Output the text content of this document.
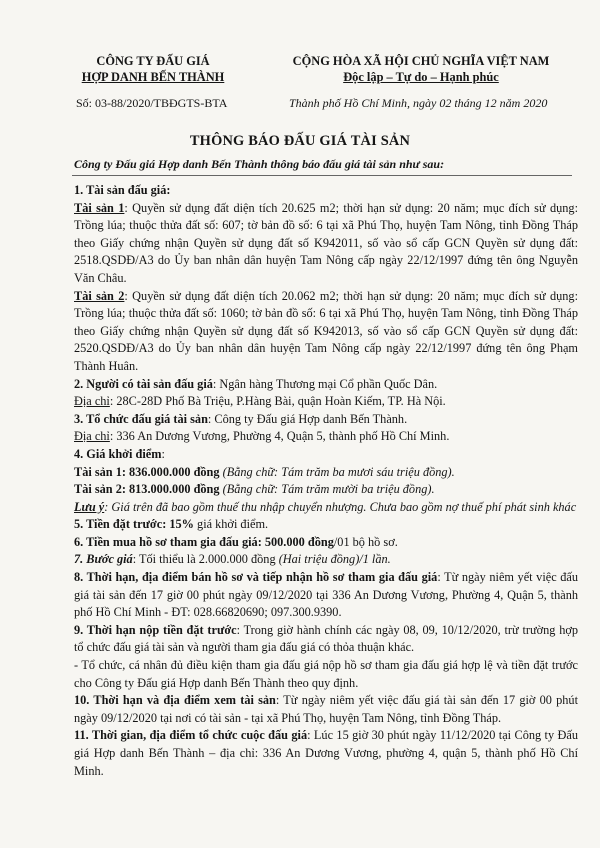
CÔNG TY ĐẤU GIÁ
HỢP DANH BẾN THÀNH
CỘNG HÒA XÃ HỘI CHỦ NGHĨA VIỆT NAM
Độc lập – Tự do – Hạnh phúc
Số: 03-88/2020/TBĐGTS-BTA	Thành phố Hồ Chí Minh, ngày 02 tháng 12 năm 2020
THÔNG BÁO ĐẤU GIÁ TÀI SẢN
Công ty Đấu giá Hợp danh Bến Thành thông báo đấu giá tài sản như sau:

1. Tài sản đấu giá:

Tài sản 1: Quyền sử dụng đất diện tích 20.625 m2; thời hạn sử dụng: 20 năm; mục đích sử dụng: Trồng lúa; thuộc thửa đất số: 607; tờ bản đồ số: 6 tại xã Phú Thọ, huyện Tam Nông, tỉnh Đồng Tháp theo Giấy chứng nhận Quyền sử dụng đất số K942011, số vào sổ cấp GCN Quyền sử dụng đất: 2518.QSDĐ/A3 do Ủy ban nhân dân huyện Tam Nông cấp ngày 22/12/1997 đứng tên ông Nguyễn Văn Châu.

Tài sản 2: Quyền sử dụng đất diện tích 20.062 m2; thời hạn sử dụng: 20 năm; mục đích sử dụng: Trồng lúa; thuộc thửa đất số: 1060; tờ bản đồ số: 6 tại xã Phú Thọ, huyện Tam Nông, tỉnh Đồng Tháp theo Giấy chứng nhận Quyền sử dụng đất số K942013, số vào sổ cấp GCN Quyền sử dụng đất: 2520.QSDĐ/A3 do Ủy ban nhân dân huyện Tam Nông cấp ngày 22/12/1997 đứng tên ông Phạm Thành Huân.

2. Người có tài sản đấu giá: Ngân hàng Thương mại Cổ phần Quốc Dân.

Địa chỉ: 28C-28D Phố Bà Triệu, P.Hàng Bài, quận Hoàn Kiếm, TP. Hà Nội.

3. Tổ chức đấu giá tài sản: Công ty Đấu giá Hợp danh Bến Thành.

Địa chỉ: 336 An Dương Vương, Phường 4, Quận 5, thành phố Hồ Chí Minh.

4. Giá khởi điểm:

Tài sản 1: 836.000.000 đồng (Bằng chữ: Tám trăm ba mươi sáu triệu đồng).

Tài sản 2: 813.000.000 đồng (Bằng chữ: Tám trăm mười ba triệu đồng).

Lưu ý: Giá trên đã bao gồm thuế thu nhập chuyển nhượng. Chưa bao gồm nợ thuế phí phát sinh khác

5. Tiền đặt trước: 15% giá khởi điểm.

6. Tiền mua hồ sơ tham gia đấu giá: 500.000 đồng/01 bộ hồ sơ.

7. Bước giá: Tối thiểu là 2.000.000 đồng (Hai triệu đồng)/1 lần.

8. Thời hạn, địa điểm bán hồ sơ và tiếp nhận hồ sơ tham gia đấu giá: Từ ngày niêm yết việc đấu giá tài sản đến 17 giờ 00 phút ngày 09/12/2020 tại 336 An Dương Vương, Phường 4, Quận 5, thành phố Hồ Chí Minh - ĐT: 028.66820690; 097.300.9390.

9. Thời hạn nộp tiền đặt trước: Trong giờ hành chính các ngày 08, 09, 10/12/2020, trừ trường hợp tổ chức đấu giá tài sản và người tham gia đấu giá có thỏa thuận khác.

- Tổ chức, cá nhân đủ điều kiện tham gia đấu giá nộp hồ sơ tham gia đấu giá hợp lệ và tiền đặt trước cho Công ty Đấu giá Hợp danh Bến Thành theo quy định.

10. Thời hạn và địa điểm xem tài sản: Từ ngày niêm yết việc đấu giá tài sản đến 17 giờ 00 phút ngày 09/12/2020 tại nơi có tài sản - tại xã Phú Thọ, huyện Tam Nông, tỉnh Đồng Tháp.

11. Thời gian, địa điểm tổ chức cuộc đấu giá: Lúc 15 giờ 30 phút ngày 11/12/2020 tại Công ty Đấu giá Hợp danh Bến Thành – địa chỉ: 336 An Dương Vương, phường 4, quận 5, thành phố Hồ Chí Minh.
